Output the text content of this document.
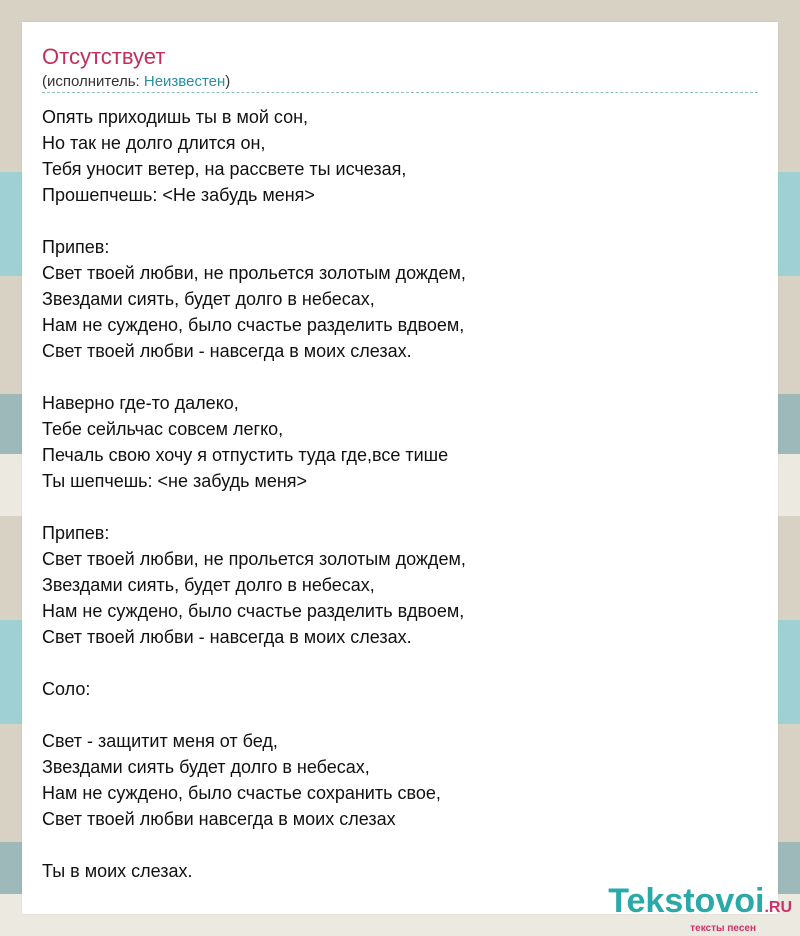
Отсутствует
(исполнитель: Неизвестен)
Опять приходишь ты в мой сон,
Но так не долго длится он,
Тебя уносит ветер, на рассвете ты исчезая,
Прошепчешь: <Не забудь меня>
Припев:
Свет твоей любви, не прольется золотым дождем,
Звездами сиять, будет долго в небесах,
Нам не суждено, было счастье разделить вдвоем,
Свет твоей любви - навсегда в моих слезах.
Наверно где-то далеко,
Тебе сейльчас совсем легко,
Печаль свою хочу я отпустить туда где,все тише
Ты шепчешь: <не забудь меня>
Припев:
Свет твоей любви, не прольется золотым дождем,
Звездами сиять, будет долго в небесах,
Нам не суждено, было счастье разделить вдвоем,
Свет твоей любви - навсегда в моих слезах.
Соло:
Свет - защитит меня от бед,
Звездами сиять будет долго в небесах,
Нам не суждено, было счастье сохранить свое,
Свет твоей любви навсегда в моих слезах
Ты в моих слезах.
Tekstovoi.RU
тексты песен
